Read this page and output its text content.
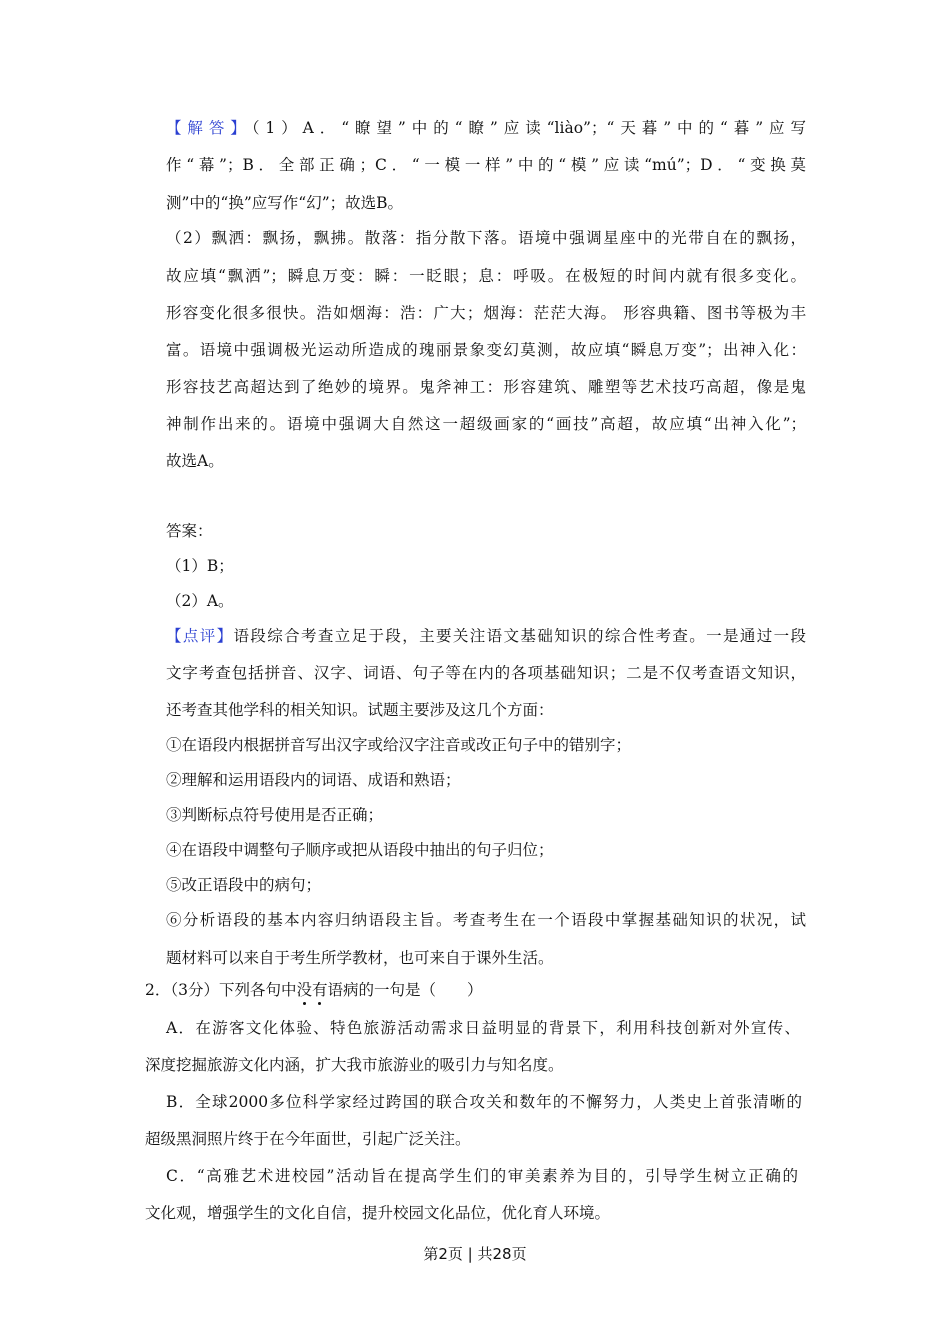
【解答】（1）A．“瞭望”中的“瞭”应读“liào”；“天暮”中的“暮”应写
作“幕”；B．全部正确；C．“一模一样”中的“模”应读“mú”；D．“变换莫
测”中的“换”应写作“幻”；故选B。
（2）飘洒：飘扬，飘拂。散落：指分散下落。语境中强调星座中的光带自在的飘扬，
故应填“飘洒”；瞬息万变：瞬：一眨眼；息：呼吸。在极短的时间内就有很多变化。
形容变化很多很快。浩如烟海：浩：广大；烟海：茫茫大海。 形容典籍、图书等极为丰
富。语境中强调极光运动所造成的瑰丽景象变幻莫测，故应填“瞬息万变”；出神入化：
形容技艺高超达到了绝妙的境界。鬼斧神工：形容建筑、雕塑等艺术技巧高超，像是鬼
神制作出来的。语境中强调大自然这一超级画家的“画技”高超，故应填“出神入化”；
故选A。
答案：
（1）B；
（2）A。
【点评】语段综合考查立足于段，主要关注语文基础知识的综合性考查。一是通过一段
文字考查包括拼音、汉字、词语、句子等在内的各项基础知识；二是不仅考查语文知识，
还考查其他学科的相关知识。试题主要涉及这几个方面：
①在语段内根据拼音写出汉字或给汉字注音或改正句子中的错别字；
②理解和运用语段内的词语、成语和熟语；
③判断标点符号使用是否正确；
④在语段中调整句子顺序或把从语段中抽出的句子归位；
⑤改正语段中的病句；
⑥分析语段的基本内容归纳语段主旨。考查考生在一个语段中掌握基础知识的状况，试
题材料可以来自于考生所学教材，也可来自于课外生活。
2．（3分）下列各句中没有语病的一句是（　　）
A．在游客文化体验、特色旅游活动需求日益明显的背景下，利用科技创新对外宣传、
深度挖掘旅游文化内涵，扩大我市旅游业的吸引力与知名度。
B．全球2000多位科学家经过跨国的联合攻关和数年的不懈努力，人类史上首张清晰的
超级黑洞照片终于在今年面世，引起广泛关注。
C．“高雅艺术进校园”活动旨在提高学生们的审美素养为目的，引导学生树立正确的
文化观，增强学生的文化自信，提升校园文化品位，优化育人环境。
第2页 | 共28页
